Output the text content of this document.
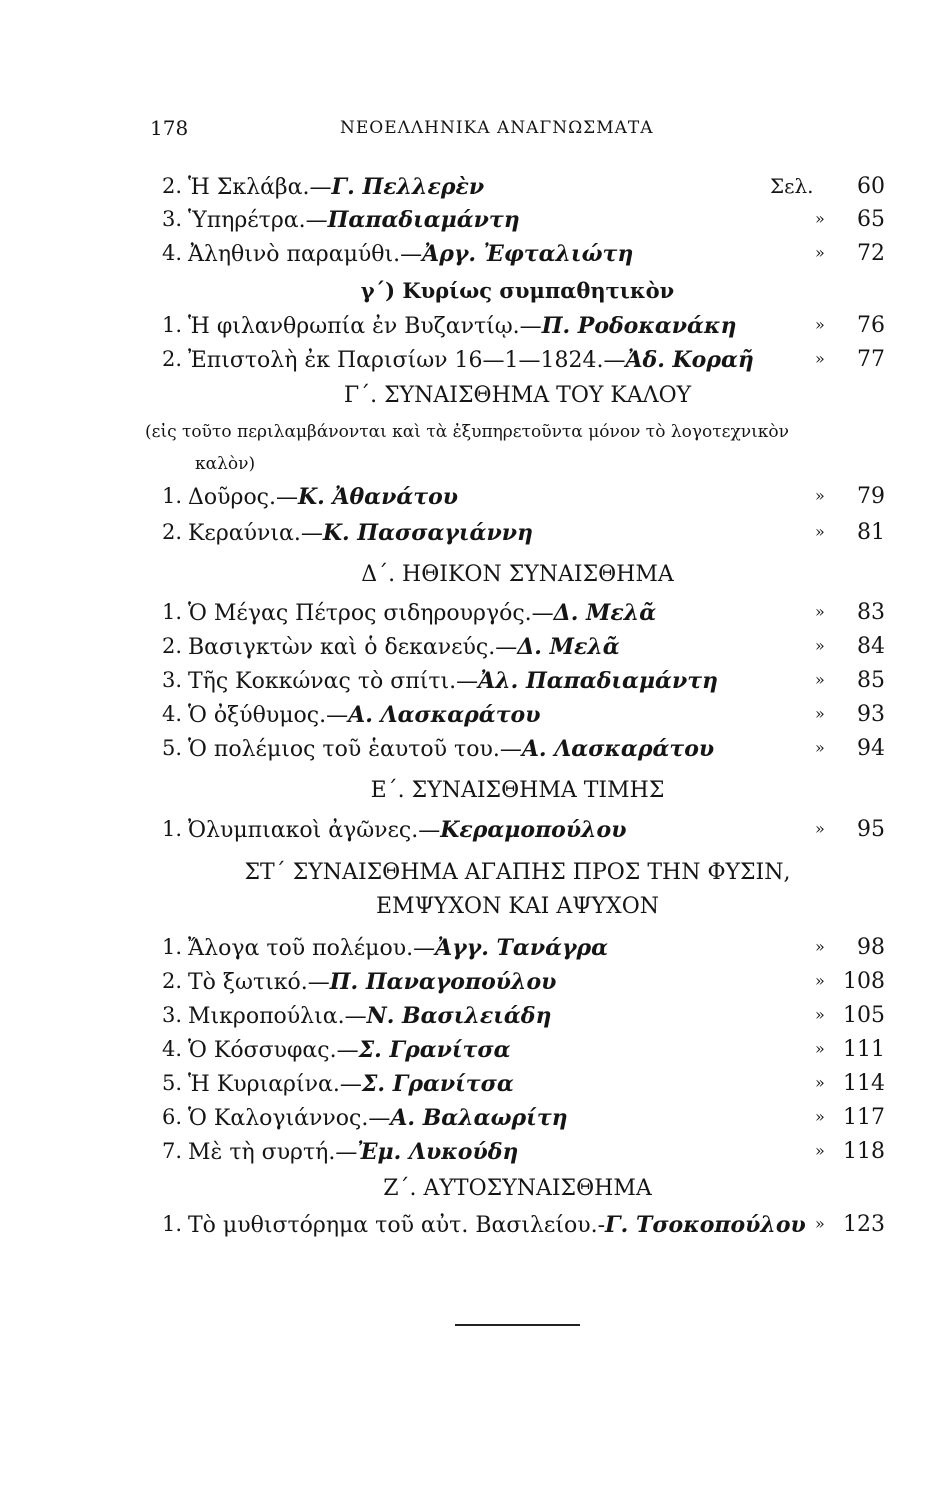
178	ΝΕΟΕΛΛΗΝΙΚΑ ΑΝΑΓΝΩΣΜΑΤΑ
2. Ἡ Σκλάβα.—Γ. Πελλερὲν	Σελ. 60
3. Ὑπηρέτρα.—Παπαδιαμάντη	» 65
4. Ἀληθινὸ παραμύθι.—Ἀργ. Ἐφταλιώτη	» 72
1. Ἡ φιλανθρωπία ἐν Βυζαντίῳ.—Π. Ροδοκανάκη	» 76
2. Ἐπιστολὴ ἐκ Παρισίων 16—1—1824.—Ἀδ. Κοραῆ	» 77
1. Δοῦρος.—Κ. Ἀθανάτου	» 79
2. Κεραύνια.—Κ. Πασσαγιάννη	» 81
1. Ὁ Μέγας Πέτρος σιδηρουργός.—Δ. Μελᾶ	» 83
2. Βασιγκτὼν καὶ ὁ δεκανεύς.—Δ. Μελᾶ	» 84
3. Τῆς Κοκκώνας τὸ σπίτι.—Ἀλ. Παπαδιαμάντη	» 85
4. Ὁ ὀξύθυμος.—Α. Λασκαράτου	» 93
5. Ὁ πολέμιος τοῦ ἑαυτοῦ του.—Α. Λασκαράτου	» 94
1. Ὀλυμπιακοὶ ἀγῶνες.—Κεραμοπούλου	» 95
1. Ἄλογα τοῦ πολέμου.—Ἀγγ. Τανάγρα	» 98
2. Τὸ ξωτικό.—Π. Παναγοπούλου	» 108
3. Μικροπούλια.—Ν. Βασιλειάδη	» 105
4. Ὁ Κόσσυφας.—Σ. Γρανίτσα	» 111
5. Ἡ Κυριαρίνα.—Σ. Γρανίτσα	» 114
6. Ὁ Καλογιάννος.—Α. Βαλαωρίτη	» 117
7. Μὲ τὴ συρτή.—Ἐμ. Λυκούδη	» 118
1. Τὸ μυθιστόρημα τοῦ αὐτ. Βασιλείου.-Γ. Τσοκοπούλου » 123
γ΄) Κυρίως συμπαθητικὸν
Γ΄. ΣΥΝΑΙΣΘΗΜΑ ΤΟΥ ΚΑΛΟΥ
Δ΄. ΗΘΙΚΟΝ ΣΥΝΑΙΣΘΗΜΑ
Ε΄. ΣΥΝΑΙΣΘΗΜΑ ΤΙΜΗΣ
ΣΤ΄ ΣΥΝΑΙΣΘΗΜΑ ΑΓΑΠΗΣ ΠΡΟΣ ΤΗΝ ΦΥΣΙΝ,
ΕΜΨΥΧΟΝ ΚΑΙ ΑΨΥΧΟΝ
Ζ΄. ΑΥΤΟΣΥΝΑΙΣΘΗΜΑ
(εἰς τοῦτο περιλαμβάνονται καὶ τὰ ἐξυπηρετοῦντα μόνον τὸ λογοτεχνικὸν
καλὸν)
